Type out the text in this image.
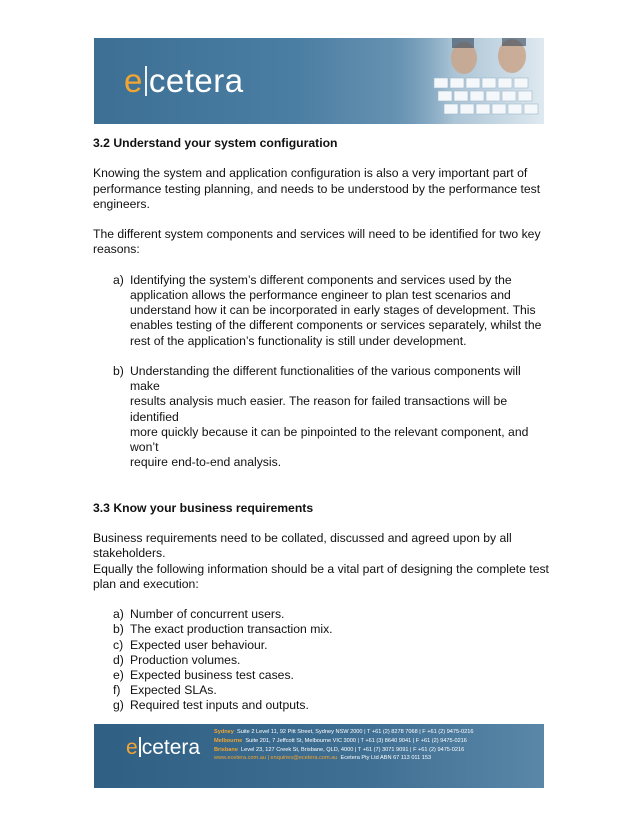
e cetera

3.2 Understand your system configuration

Knowing the system and application configuration is also a very important part of
performance testing planning, and needs to be understood by the performance test
engineers.

The different system components and services will need to be identified for two key
reasons:

a) Identifying the system’s different components and services used by the
application allows the performance engineer to plan test scenarios and
understand how it can be incorporated in early stages of development. This
enables testing of the different components or services separately, whilst the
rest of the application’s functionality is still under development.
b) Understanding the different functionalities of the various components will make
results analysis much easier. The reason for failed transactions will be identified
more quickly because it can be pinpointed to the relevant component, and won’t
require end-to-end analysis.

3.3 Know your business requirements

Business requirements need to be collated, discussed and agreed upon by all
stakeholders.
Equally the following information should be a vital part of designing the complete test
plan and execution:

a) Number of concurrent users.
b) The exact production transaction mix.
c) Expected user behaviour.
d) Production volumes.
e) Expected business test cases.
f) Expected SLAs.
g) Required test inputs and outputs.
e cetera
Sydney Suite 2 Level 11, 92 Pitt Street, Sydney NSW 2000 | T +61 (2) 8278 7068 | F +61 (2) 9475-0216
Melbourne Suite 201, 7 Jeffcott St, Melbourne VIC 3000 | T +61 (3) 8640 9041 | F +61 (2) 9475-0216
Brisbane Level 23, 127 Creek St, Brisbane, QLD, 4000 | T +61 (7) 3071 9091 | F +61 (2) 9475-0216
www.ecetera.com.au | enquiries@ecetera.com.au Ecetera Pty Ltd ABN 67 113 011 153
